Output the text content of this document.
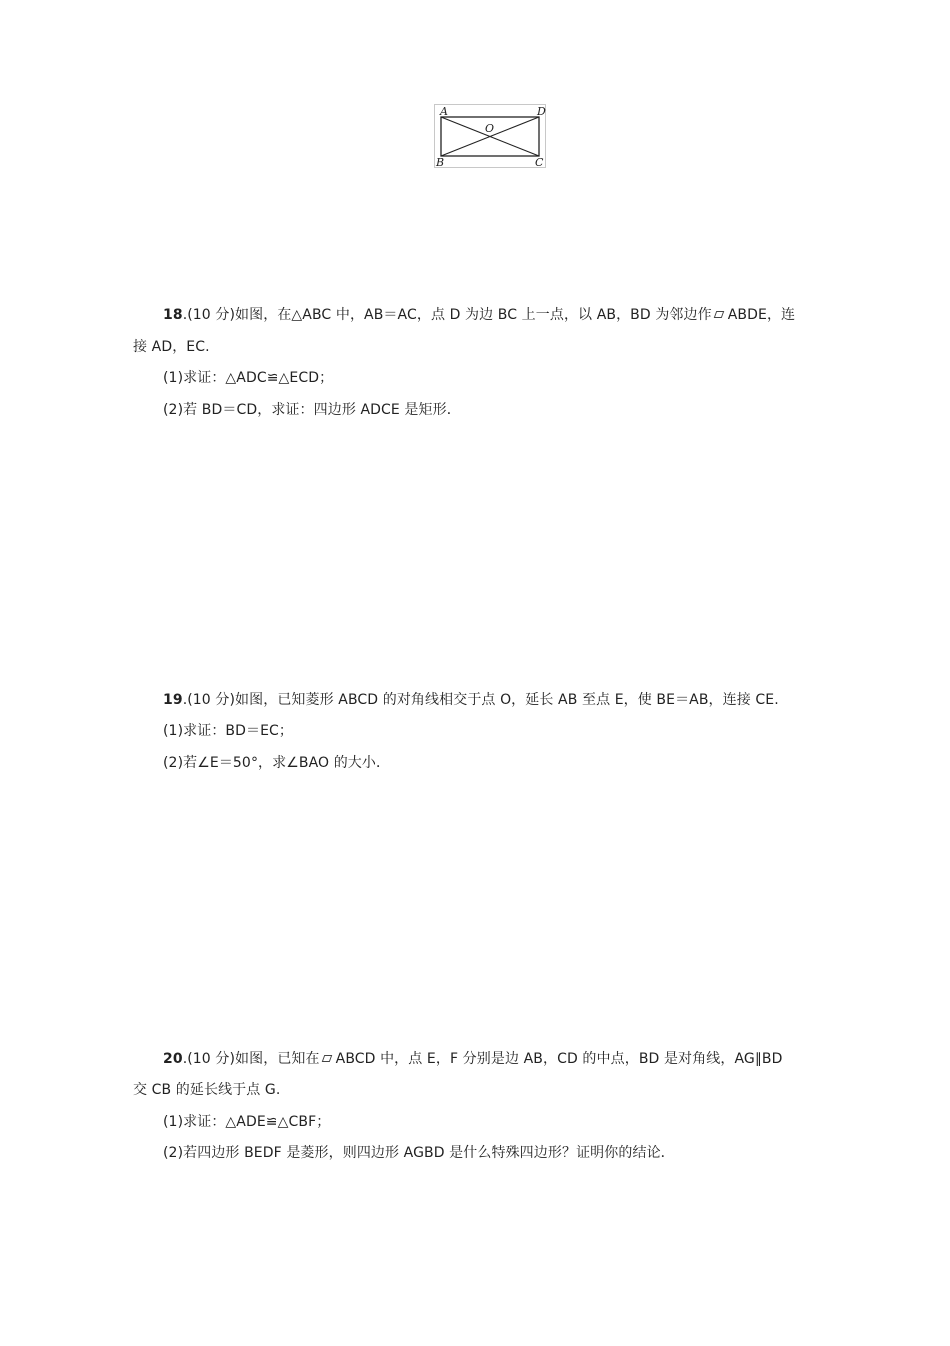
A	D
O
B	C
18.(10 分)如图，在△ABC 中，AB＝AC，点 D 为边 BC 上一点，以 AB，BD 为邻边作 ABDE，连
接 AD，EC.
(1)求证：△ADC≌△ECD；
(2)若 BD＝CD，求证：四边形 ADCE 是矩形．
19.(10 分)如图，已知菱形 ABCD 的对角线相交于点 O，延长 AB 至点 E，使 BE＝AB，连接 CE.
(1)求证：BD＝EC；
(2)若∠E＝50°，求∠BAO 的大小．
20.(10 分)如图，已知在 ABCD 中，点 E，F 分别是边 AB，CD 的中点，BD 是对角线，AG∥BD
交 CB 的延长线于点 G.
(1)求证：△ADE≌△CBF；
(2)若四边形 BEDF 是菱形，则四边形 AGBD 是什么特殊四边形？证明你的结论．
